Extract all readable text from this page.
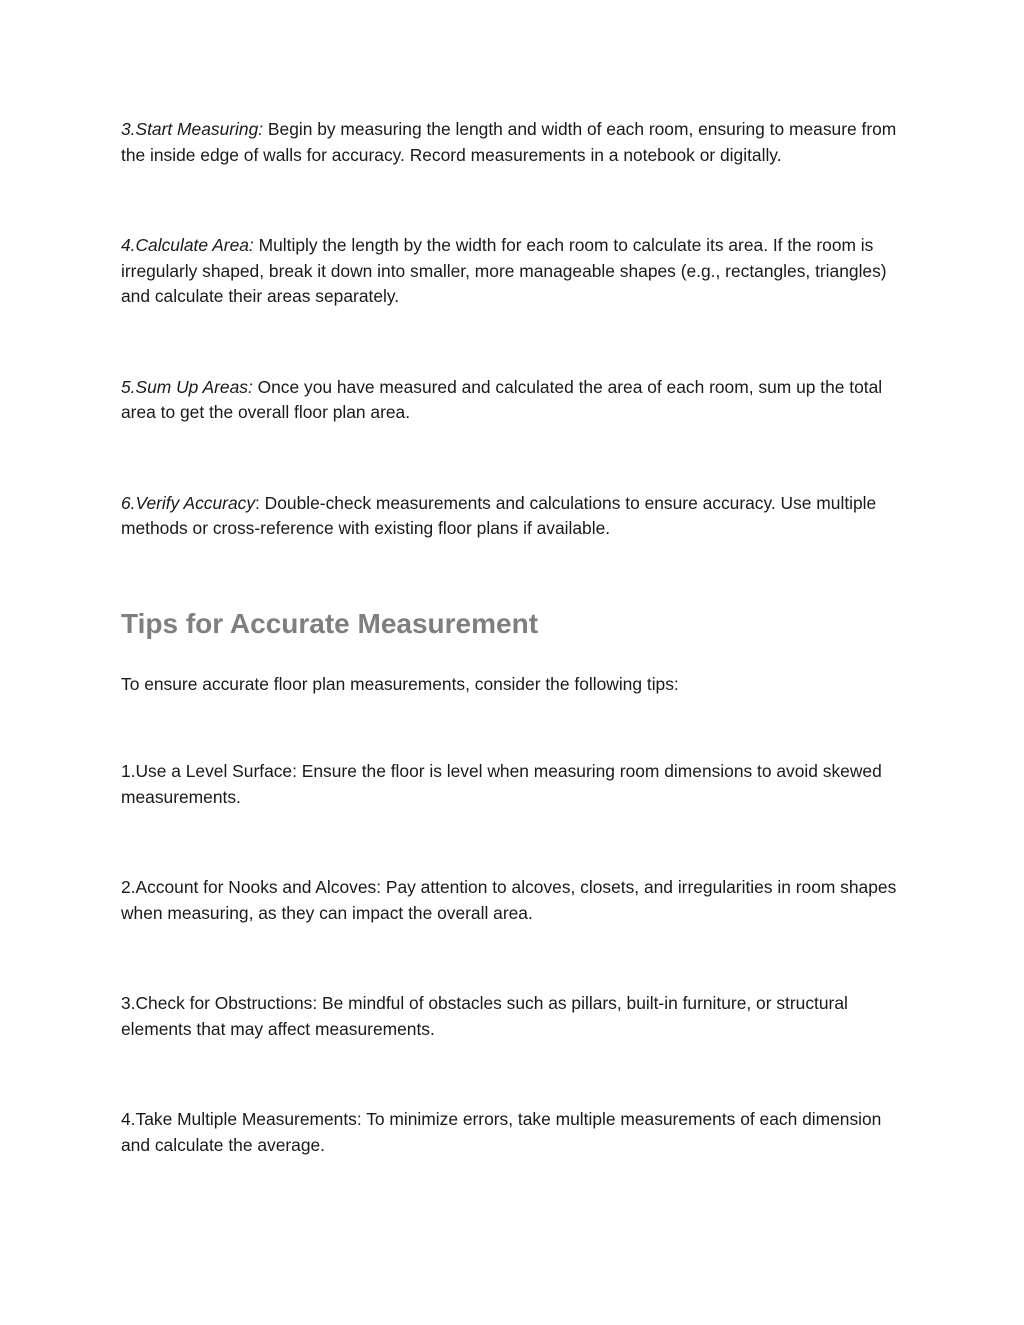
3.Start Measuring: Begin by measuring the length and width of each room, ensuring to measure from the inside edge of walls for accuracy. Record measurements in a notebook or digitally.

4.Calculate Area: Multiply the length by the width for each room to calculate its area. If the room is irregularly shaped, break it down into smaller, more manageable shapes (e.g., rectangles, triangles) and calculate their areas separately.

5.Sum Up Areas: Once you have measured and calculated the area of each room, sum up the total area to get the overall floor plan area.

6.Verify Accuracy: Double-check measurements and calculations to ensure accuracy. Use multiple methods or cross-reference with existing floor plans if available.

Tips for Accurate Measurement

To ensure accurate floor plan measurements, consider the following tips:

1.Use a Level Surface: Ensure the floor is level when measuring room dimensions to avoid skewed measurements.

2.Account for Nooks and Alcoves: Pay attention to alcoves, closets, and irregularities in room shapes when measuring, as they can impact the overall area.

3.Check for Obstructions: Be mindful of obstacles such as pillars, built-in furniture, or structural elements that may affect measurements.

4.Take Multiple Measurements: To minimize errors, take multiple measurements of each dimension and calculate the average.
